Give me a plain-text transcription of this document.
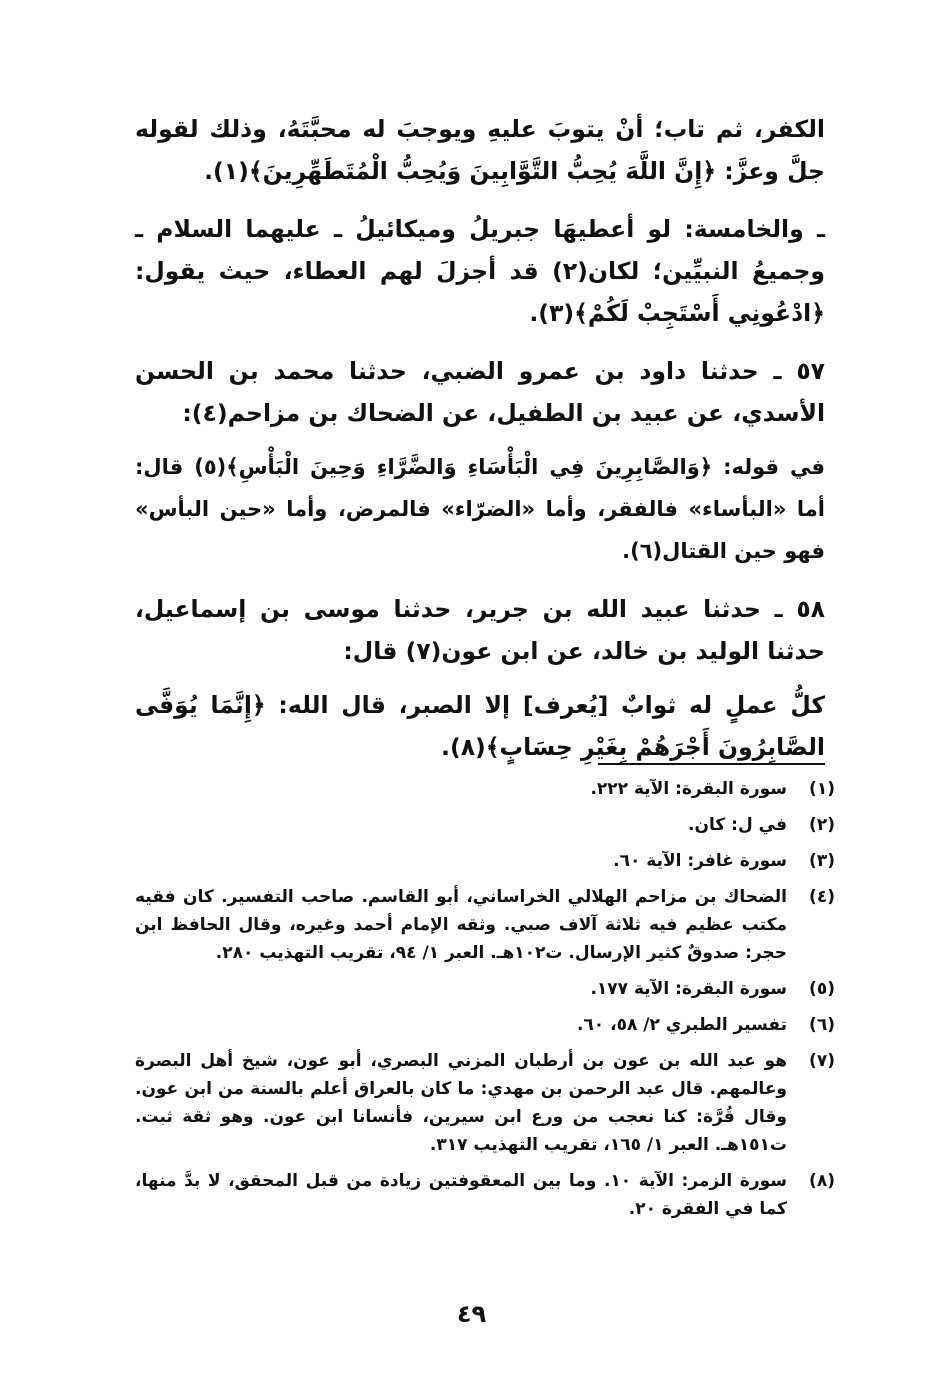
الكفر، ثم تاب؛ أنْ يتوبَ عليهِ ويوجبَ له محبَّتَهُ، وذلك لقوله جلَّ وعزَّ: ﴿إِنَّ اللَّهَ يُحِبُّ التَّوَّابِينَ وَيُحِبُّ الْمُتَطَهِّرِينَ﴾(١).

ـ والخامسة: لو أعطيهَا جبريلُ وميكائيلُ ـ عليهما السلام ـ وجميعُ النبيِّين؛ لكان(٢) قد أجزلَ لهم العطاء، حيث يقول: ﴿ادْعُونِي أَسْتَجِبْ لَكُمْ﴾(٣).

٥٧ ـ حدثنا داود بن عمرو الضبي، حدثنا محمد بن الحسن الأسدي، عن عبيد بن الطفيل، عن الضحاك بن مزاحم(٤):

في قوله: ﴿وَالصَّابِرِينَ فِي الْبَأْسَاءِ وَالضَّرَّاءِ وَحِينَ الْبَأْسِ﴾(٥) قال: أما «البأساء» فالفقر، وأما «الضرّاء» فالمرض، وأما «حين البأس» فهو حين القتال(٦).

٥٨ ـ حدثنا عبيد الله بن جرير، حدثنا موسى بن إسماعيل، حدثنا الوليد بن خالد، عن ابن عون(٧) قال:

كلُّ عملٍ له ثوابٌ [يُعرف] إلا الصبر، قال الله: ﴿إِنَّمَا يُوَفَّى الصَّابِرُونَ أَجْرَهُمْ بِغَيْرِ حِسَابٍ﴾(٨).

(١)
سورة البقرة: الآية ٢٢٢.
(٢)
في ل: كان.
(٣)
سورة غافر: الآية ٦٠.
(٤)
الضحاك بن مزاحم الهلالي الخراساني، أبو القاسم. صاحب التفسير. كان فقيه مكتب عظيم فيه ثلاثة آلاف صبي. وثقه الإمام أحمد وغيره، وقال الحافظ ابن حجر: صدوقٌ كثير الإرسال. ت١٠٢هـ. العبر ١/ ٩٤، تقريب التهذيب ٢٨٠.
(٥)
سورة البقرة: الآية ١٧٧.
(٦)
تفسير الطبري ٢/ ٥٨، ٦٠.
(٧)
هو عبد الله بن عون بن أرطبان المزني البصري، أبو عون، شيخ أهل البصرة وعالمهم. قال عبد الرحمن بن مهدي: ما كان بالعراق أعلم بالسنة من ابن عون. وقال قُرَّة: كنا نعجب من ورع ابن سيرين، فأنسانا ابن عون. وهو ثقة ثبت. ت١٥١هـ. العبر ١/ ١٦٥، تقريب التهذيب ٣١٧.
(٨)
سورة الزمر: الآية ١٠. وما بين المعقوفتين زيادة من قبل المحقق، لا بدَّ منها، كما في الفقرة ٢٠.
٤٩
